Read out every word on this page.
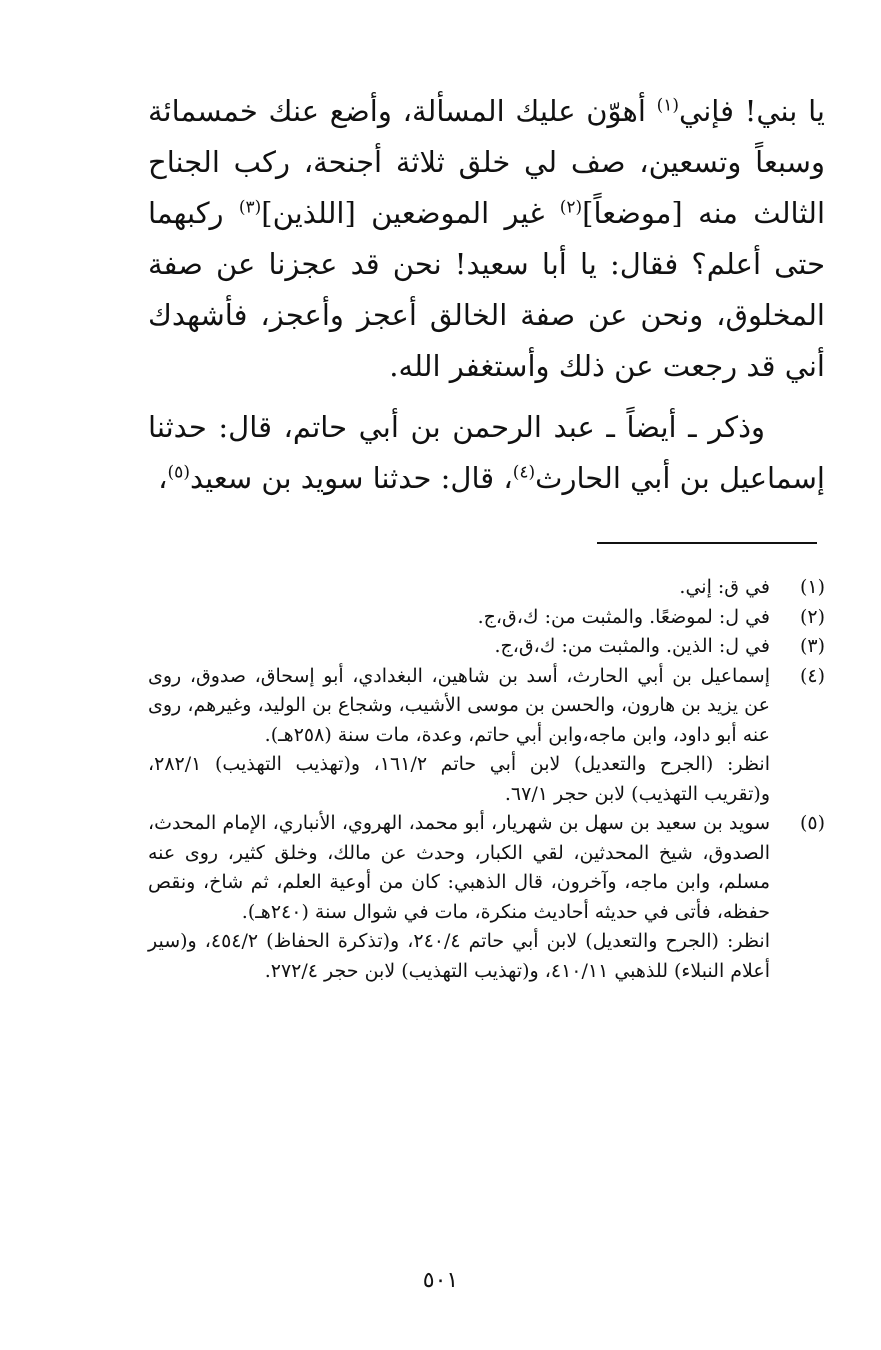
يا بني! فإني$^{(١)}$ أهوّن عليك المسألة، وأضع عنك خمسمائة وسبعاً وتسعين، صف لي خلق ثلاثة أجنحة، ركب الجناح الثالث منه [موضعاً]$^{(٢)}$ غير الموضعين [اللذين]$^{(٣)}$ ركبهما حتى أعلم؟ فقال: يا أبا سعيد! نحن قد عجزنا عن صفة المخلوق، ونحن عن صفة الخالق أعجز وأعجز، فأشهدك أني قد رجعت عن ذلك وأستغفر الله.

وذكر ـ أيضاً ـ عبد الرحمن بن أبي حاتم، قال: حدثنا إسماعيل بن أبي الحارث$^{(٤)}$، قال: حدثنا سويد بن سعيد$^{(٥)}$،

(١)
في ق: إني.
(٢)
في ل: لموضعًا. والمثبت من: ك،ق،ج.
(٣)
في ل: الذين. والمثبت من: ك،ق،ج.
(٤)
إسماعيل بن أبي الحارث، أسد بن شاهين، البغدادي، أبو إسحاق، صدوق، روى عن يزيد بن هارون، والحسن بن موسى الأشيب، وشجاع بن الوليد، وغيرهم، روى عنه أبو داود، وابن ماجه،وابن أبي حاتم، وعدة، مات سنة (٢٥٨هـ).
انظر: (الجرح والتعديل) لابن أبي حاتم ١٦١/٢، و(تهذيب التهذيب) ٢٨٢/١، و(تقريب التهذيب) لابن حجر ٦٧/١.
(٥)
سويد بن سعيد بن سهل بن شهريار، أبو محمد، الهروي، الأنباري، الإمام المحدث، الصدوق، شيخ المحدثين، لقي الكبار، وحدث عن مالك، وخلق كثير، روى عنه مسلم، وابن ماجه، وآخرون، قال الذهبي: كان من أوعية العلم، ثم شاخ، ونقص حفظه، فأتى في حديثه أحاديث منكرة، مات في شوال سنة (٢٤٠هـ).
انظر: (الجرح والتعديل) لابن أبي حاتم ٢٤٠/٤، و(تذكرة الحفاظ) ٤٥٤/٢، و(سير أعلام النبلاء) للذهبي ٤١٠/١١، و(تهذيب التهذيب) لابن حجر ٢٧٢/٤.
٥٠١
